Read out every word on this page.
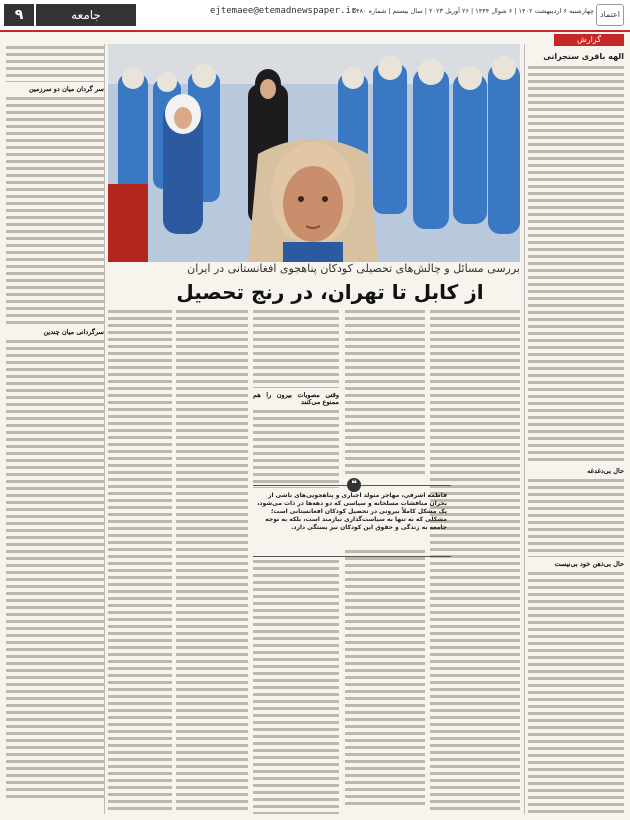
۹	جامعه	ejtemaee@etemadnewspaper.ir
چهارشنبه ۶ اردیبهشت ۱۴۰۲ | ۶ شوال ۱۴۴۴ | ۲۶ آوریل ۲۰۲۳ | سال بیستم | شماره ۵۴۸۰ اعتماد
گزارش
الهه باقری سنجرانی
حال بی‌دغدغه
حال بی‌ذهن خود بی‌نیست
سر گردان میان دو سرزمین
سرگردانی میان چندین
بررسی مسائل و چالش‌های تحصیلی کودکان پناهجوی افغانستانی در ایران
از کابل تا تهران، در رنج تحصیل
وقتی مصوبات بیرون را هم ممنوع می‌کنند
❝
فاطمه اشرفی، مهاجر متولد اجباری و پناهجویی‌های ناشی از بحران منافشات مسلحانه و سیاسی که دو دهه‌ها در ذات می‌شود، یک مشکل کاملاً بیرونی در تحصیل کودکان افغانستانی است؛ مشکلی که نه تنها به سیاست‌گذاری نیازمند است، بلکه به توجه جامعه به زندگی و حقوق این کودکان نیز بستگی دارد.
